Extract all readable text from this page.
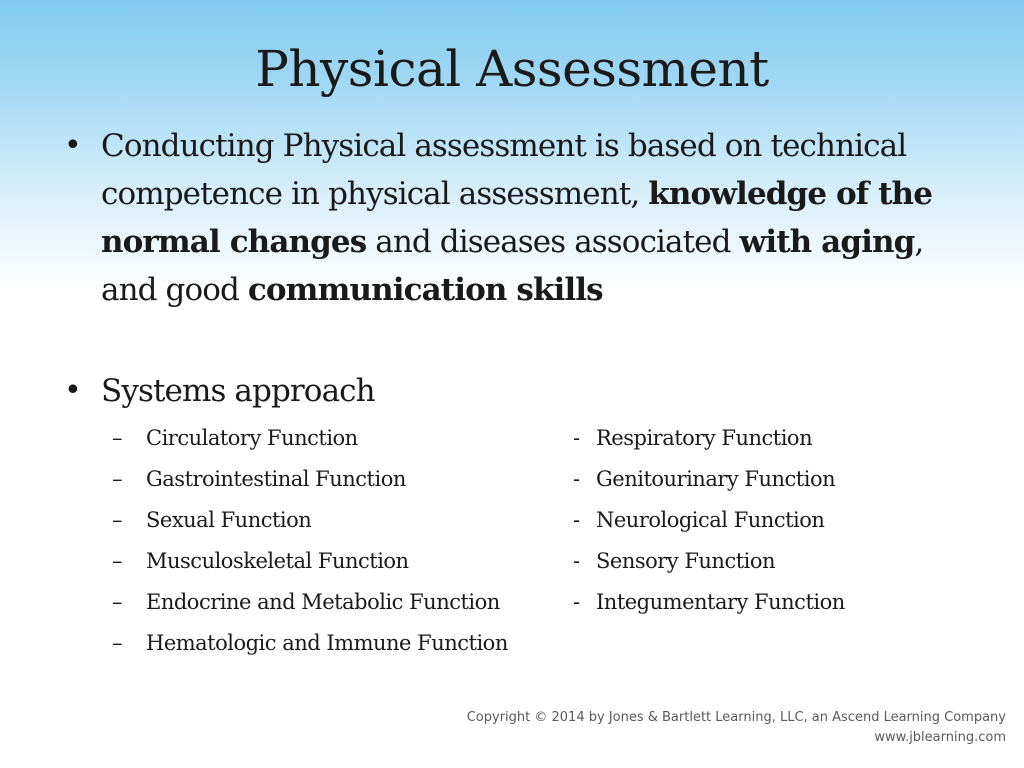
Physical Assessment
• Conducting Physical assessment is based on technical competence in physical assessment, knowledge of the normal changes and diseases associated with aging, and good communication skills
• Systems approach
– Circulatory Function	- Respiratory Function
– Gastrointestinal Function	- Genitourinary Function
– Sexual Function	- Neurological Function
– Musculoskeletal Function	- Sensory Function
– Endocrine and Metabolic Function	- Integumentary Function
– Hematologic and Immune Function
Copyright © 2014 by Jones & Bartlett Learning, LLC, an Ascend Learning Company
www.jblearning.com
